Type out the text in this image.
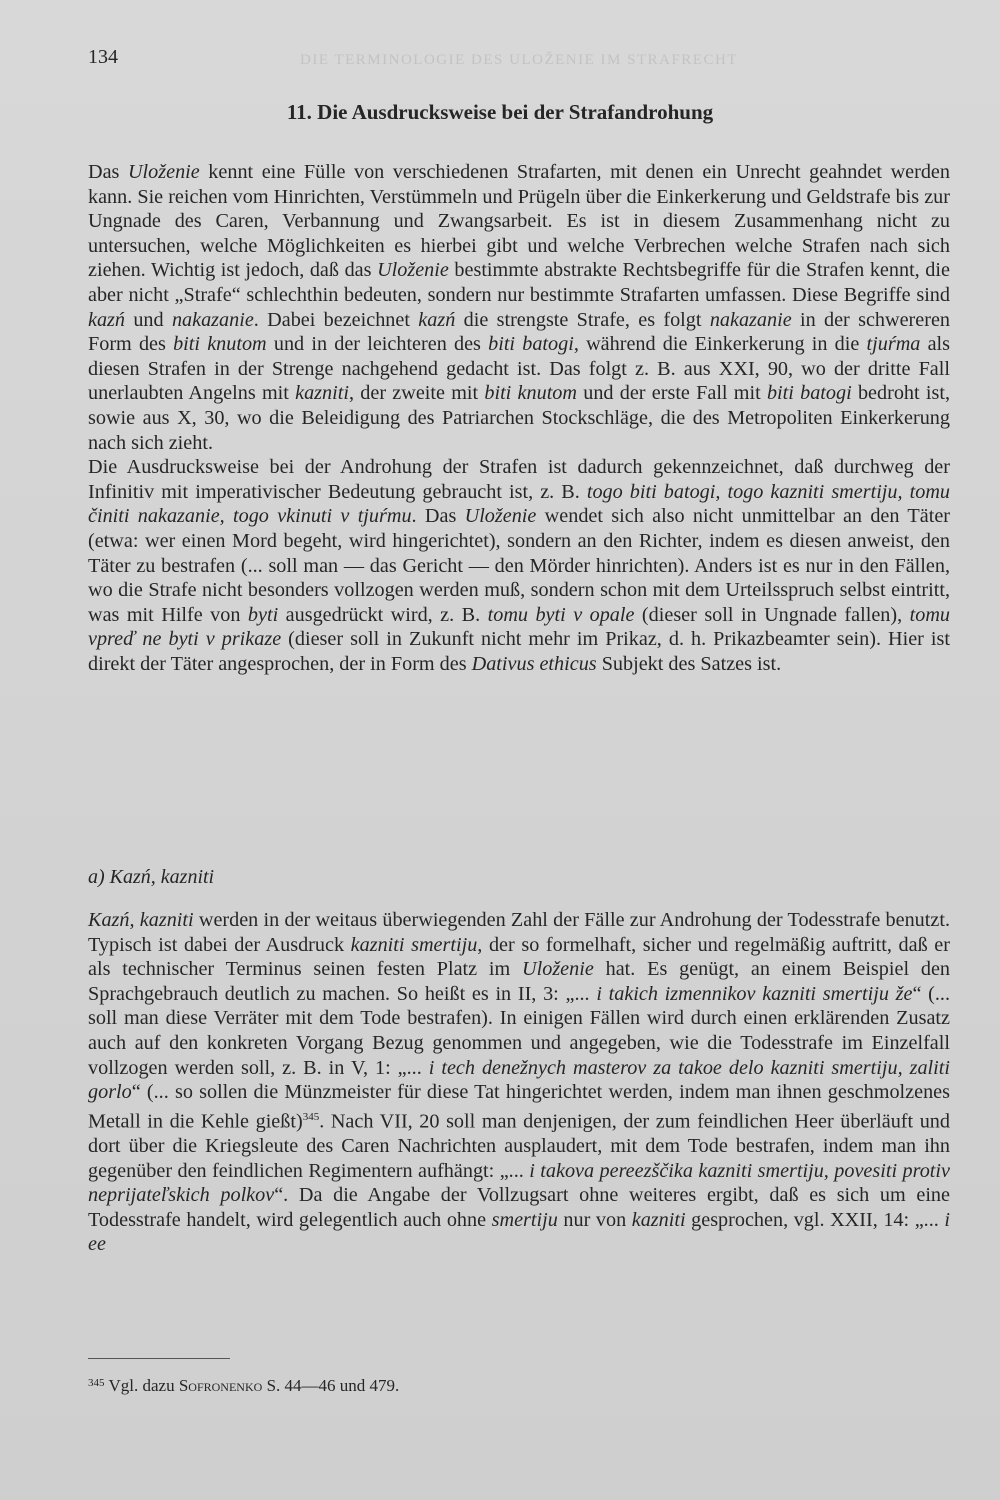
134	DIE TERMINOLOGIE DES ULOŽENIE IM STRAFRECHT
11. Die Ausdrucksweise bei der Strafandrohung

Das Uloženie kennt eine Fülle von verschiedenen Strafarten, mit denen ein Unrecht geahndet werden kann. Sie reichen vom Hinrichten, Verstümmeln und Prügeln über die Einkerkerung und Geldstrafe bis zur Ungnade des Caren, Verbannung und Zwangsarbeit. Es ist in diesem Zusammenhang nicht zu untersuchen, welche Möglichkeiten es hierbei gibt und welche Verbrechen welche Strafen nach sich ziehen. Wichtig ist jedoch, daß das Uloženie bestimmte abstrakte Rechtsbegriffe für die Strafen kennt, die aber nicht „Strafe“ schlechthin bedeuten, sondern nur bestimmte Strafarten umfassen. Diese Begriffe sind kazń und nakazanie. Dabei bezeichnet kazń die strengste Strafe, es folgt nakazanie in der schwereren Form des biti knutom und in der leichteren des biti batogi, während die Einkerkerung in die tjuŕma als diesen Strafen in der Strenge nachgehend gedacht ist. Das folgt z. B. aus XXI, 90, wo der dritte Fall unerlaubten Angelns mit kazniti, der zweite mit biti knutom und der erste Fall mit biti batogi bedroht ist, sowie aus X, 30, wo die Beleidigung des Patriarchen Stockschläge, die des Metropoliten Einkerkerung nach sich zieht.

Die Ausdrucksweise bei der Androhung der Strafen ist dadurch gekennzeichnet, daß durchweg der Infinitiv mit imperativischer Bedeutung gebraucht ist, z. B. togo biti batogi, togo kazniti smertiju, tomu činiti nakazanie, togo vkinuti v tjuŕmu. Das Uloženie wendet sich also nicht unmittelbar an den Täter (etwa: wer einen Mord begeht, wird hingerichtet), sondern an den Richter, indem es diesen anweist, den Täter zu bestrafen (... soll man — das Gericht — den Mörder hinrichten). Anders ist es nur in den Fällen, wo die Strafe nicht besonders vollzogen werden muß, sondern schon mit dem Urteilsspruch selbst eintritt, was mit Hilfe von byti ausgedrückt wird, z. B. tomu byti v opale (dieser soll in Ungnade fallen), tomu vpreď ne byti v prikaze (dieser soll in Zukunft nicht mehr im Prikaz, d. h. Prikazbeamter sein). Hier ist direkt der Täter angesprochen, der in Form des Dativus ethicus Subjekt des Satzes ist.

a) Kazń, kazniti

Kazń, kazniti werden in der weitaus überwiegenden Zahl der Fälle zur Androhung der Todesstrafe benutzt. Typisch ist dabei der Ausdruck kazniti smertiju, der so formelhaft, sicher und regelmäßig auftritt, daß er als technischer Terminus seinen festen Platz im Uloženie hat. Es genügt, an einem Beispiel den Sprachgebrauch deutlich zu machen. So heißt es in II, 3: „... i takich izmennikov kazniti smertiju že“ (... soll man diese Verräter mit dem Tode bestrafen). In einigen Fällen wird durch einen erklärenden Zusatz auch auf den konkreten Vorgang Bezug genommen und angegeben, wie die Todesstrafe im Einzelfall vollzogen werden soll, z. B. in V, 1: „... i tech denežnych masterov za takoe delo kazniti smertiju, zaliti gorlo“ (... so sollen die Münzmeister für diese Tat hingerichtet werden, indem man ihnen geschmolzenes Metall in die Kehle gießt)$^{345}$. Nach VII, 20 soll man denjenigen, der zum feindlichen Heer überläuft und dort über die Kriegsleute des Caren Nachrichten ausplaudert, mit dem Tode bestrafen, indem man ihn gegenüber den feindlichen Regimentern aufhängt: „... i takova pereezščika kazniti smertiju, povesiti protiv neprijateľskich polkov“. Da die Angabe der Vollzugsart ohne weiteres ergibt, daß es sich um eine Todesstrafe handelt, wird gelegentlich auch ohne smertiju nur von kazniti gesprochen, vgl. XXII, 14: „... i ee

$^{345}$ Vgl. dazu Sofronenko S. 44—46 und 479.
